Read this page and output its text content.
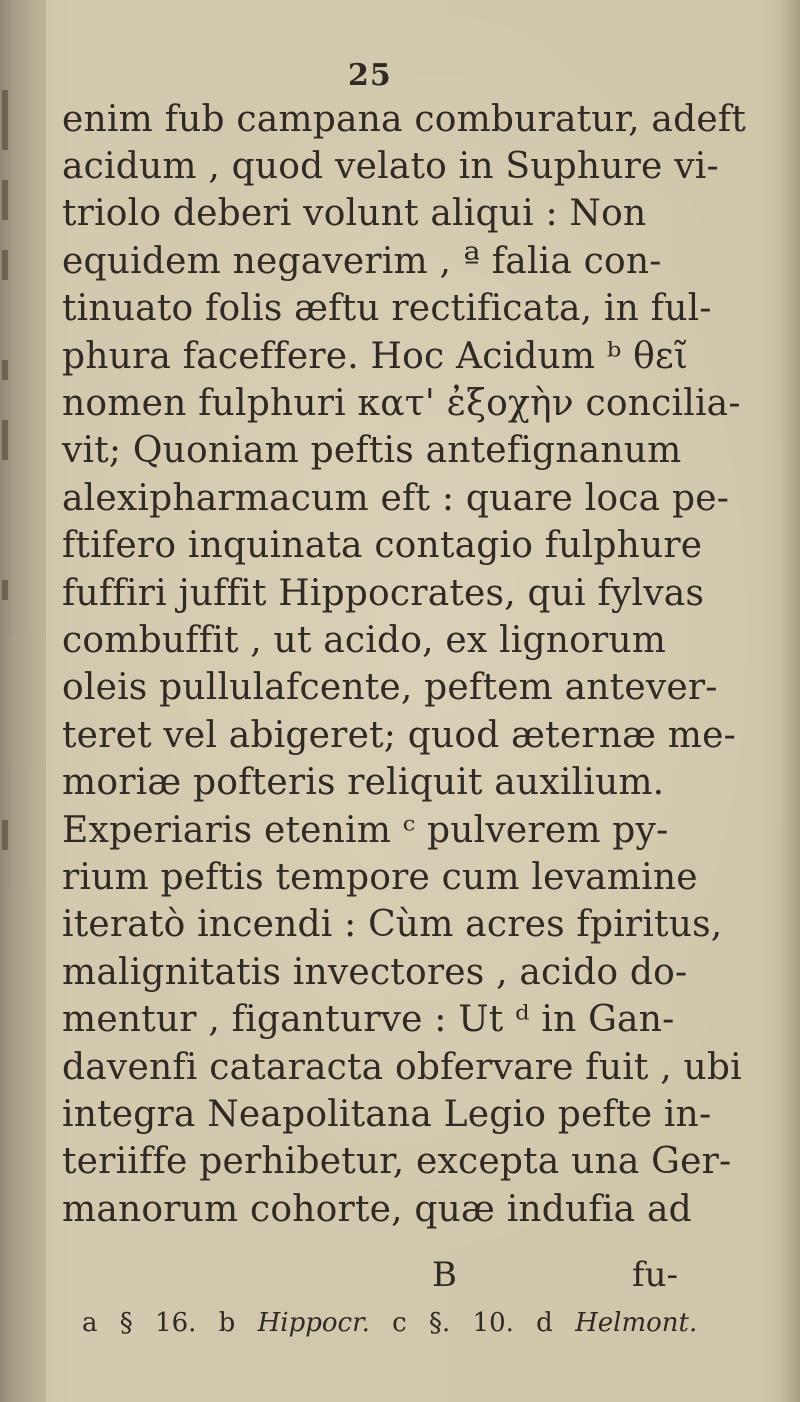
25
enim fub campana comburatur, adeft
acidum , quod velato in Suphure vi-
triolo deberi volunt aliqui : Non
equidem negaverim , ª falia con-
tinuato folis æftu rectificata, in ful-
phura faceffere. Hoc Acidum ᵇ θεῖ
nomen fulphuri κατ' ἐξοχὴν concilia-
vit; Quoniam peftis antefignanum
alexipharmacum eft : quare loca pe-
ftifero inquinata contagio fulphure
fuffiri juffit Hippocrates, qui fylvas
combuffit , ut acido, ex lignorum
oleis pullulafcente, peftem antever-
teret vel abigeret; quod æternæ me-
moriæ pofteris reliquit auxilium.
Experiaris etenim ᶜ pulverem py-
rium peftis tempore cum levamine
iteratò incendi : Cùm acres fpiritus,
malignitatis invectores , acido do-
mentur , figanturve : Ut ᵈ in Gan-
davenfi cataracta obfervare fuit , ubi
integra Neapolitana Legio pefte in-
teriiffe perhibetur, excepta una Ger-
manorum cohorte, quæ indufia ad
B	fu-
a § 16. b Hippocr. c §. 10. d Helmont.
